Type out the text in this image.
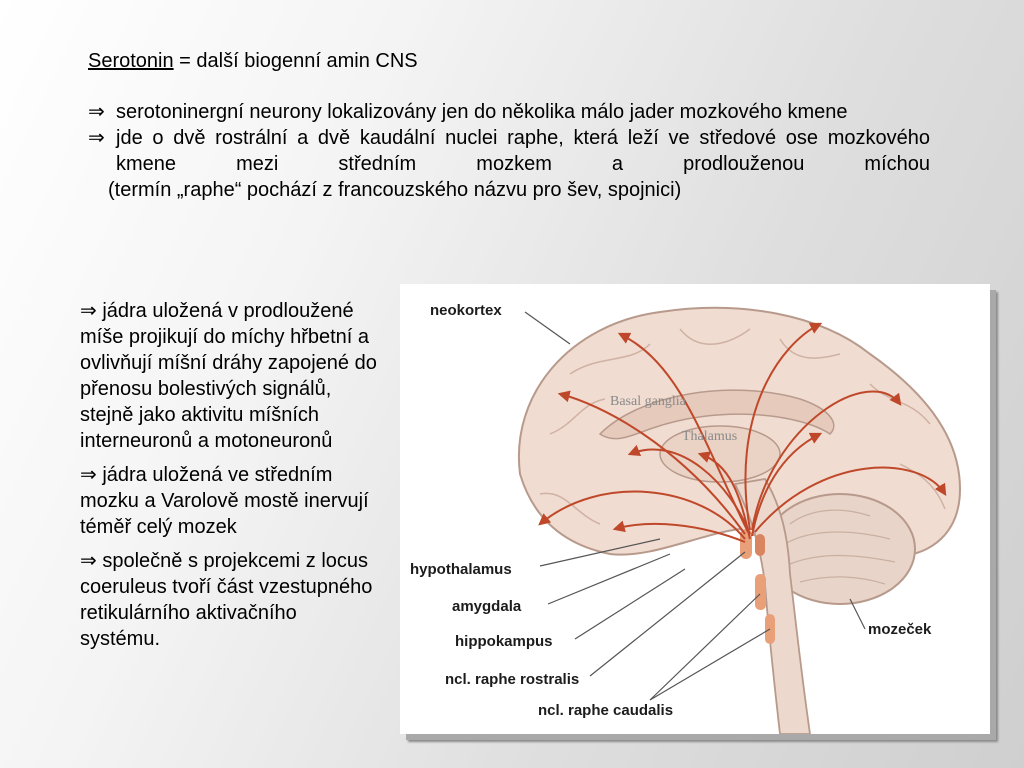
Serotonin = další biogenní amin CNS
⇒ serotoninergní neurony lokalizovány jen do několika málo jader mozkového kmene
⇒ jde o dvě rostrální a dvě kaudální nuclei raphe, která leží ve středové ose mozkového kmene mezi středním mozkem a prodlouženou míchou
(termín „raphe“ pochází z francouzského názvu pro šev, spojnici)

⇒ jádra uložená v prodloužené míše projikují do míchy hřbetní a ovlivňují míšní dráhy zapojené do přenosu bolestivých signálů, stejně jako aktivitu míšních interneuronů a motoneuronů

⇒ jádra uložená ve středním mozku a Varolově mostě inervují téměř celý mozek

⇒ společně s projekcemi z locus coeruleus tvoří část vzestupného retikulárního aktivačního systému.

neokortex
Basal ganglia
Thalamus
hypothalamus
amygdala
hippokampus
mozeček
ncl. raphe rostralis
ncl. raphe caudalis
